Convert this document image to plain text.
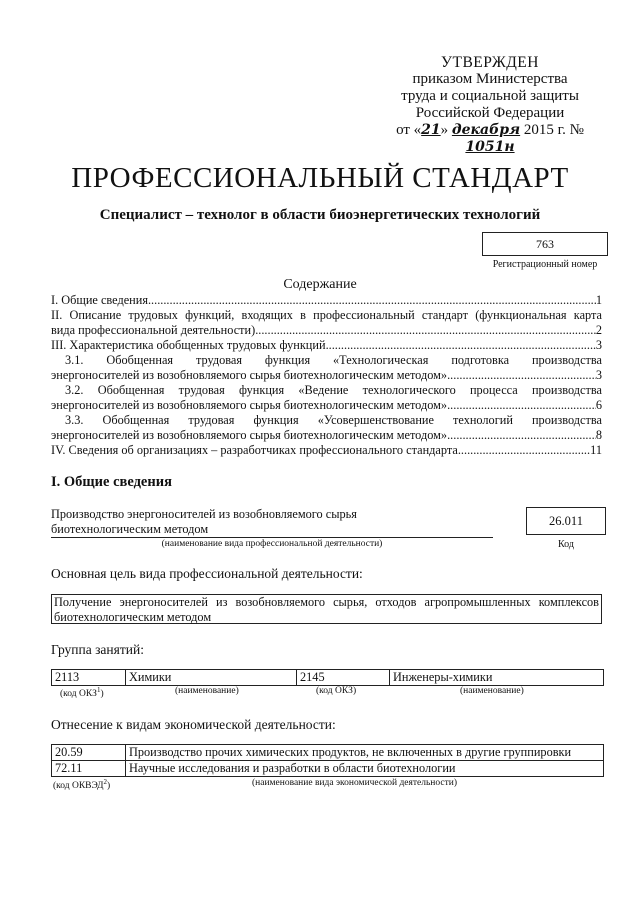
УТВЕРЖДЕН
приказом Министерства
труда и социальной защиты
Российской Федерации
от «21» декабря 2015 г. № 1051н
ПРОФЕССИОНАЛЬНЫЙ СТАНДАРТ
Специалист – технолог в области биоэнергетических технологий
763
Регистрационный номер
Содержание
I. Общие сведения .....	1
II. Описание трудовых функций, входящих в профессиональный стандарт (функциональная карта
вида профессиональной деятельности) .....	2
III. Характеристика обобщенных трудовых функций .....	3
3.1. Обобщенная трудовая функция «Технологическая подготовка производства
энергоносителей из возобновляемого сырья биотехнологическим методом» .....	3
3.2. Обобщенная трудовая функция «Ведение технологического процесса производства
энергоносителей из возобновляемого сырья биотехнологическим методом» .....	6
3.3. Обобщенная трудовая функция «Усовершенствование технологий производства
энергоносителей из возобновляемого сырья биотехнологическим методом» .....	8
IV. Сведения об организациях – разработчиках профессионального стандарта .....	11
I. Общие сведения
Производство энергоносителей из возобновляемого сырья
биотехнологическим методом
(наименование вида профессиональной деятельности)
26.011
Код
Основная цель вида профессиональной деятельности:
Получение энергоносителей из возобновляемого сырья, отходов агропромышленных комплексов
биотехнологическим методом
Группа занятий:
2113	Химики	2145	Инженеры-химики
(код ОКЗ$^1$)	(наименование)	(код ОКЗ)	(наименование)
Отнесение к видам экономической деятельности:
20.59	Производство прочих химических продуктов, не включенных в другие группировки
72.11	Научные исследования и разработки в области биотехнологии
(код ОКВЭД$^2$)	(наименование вида экономической деятельности)
